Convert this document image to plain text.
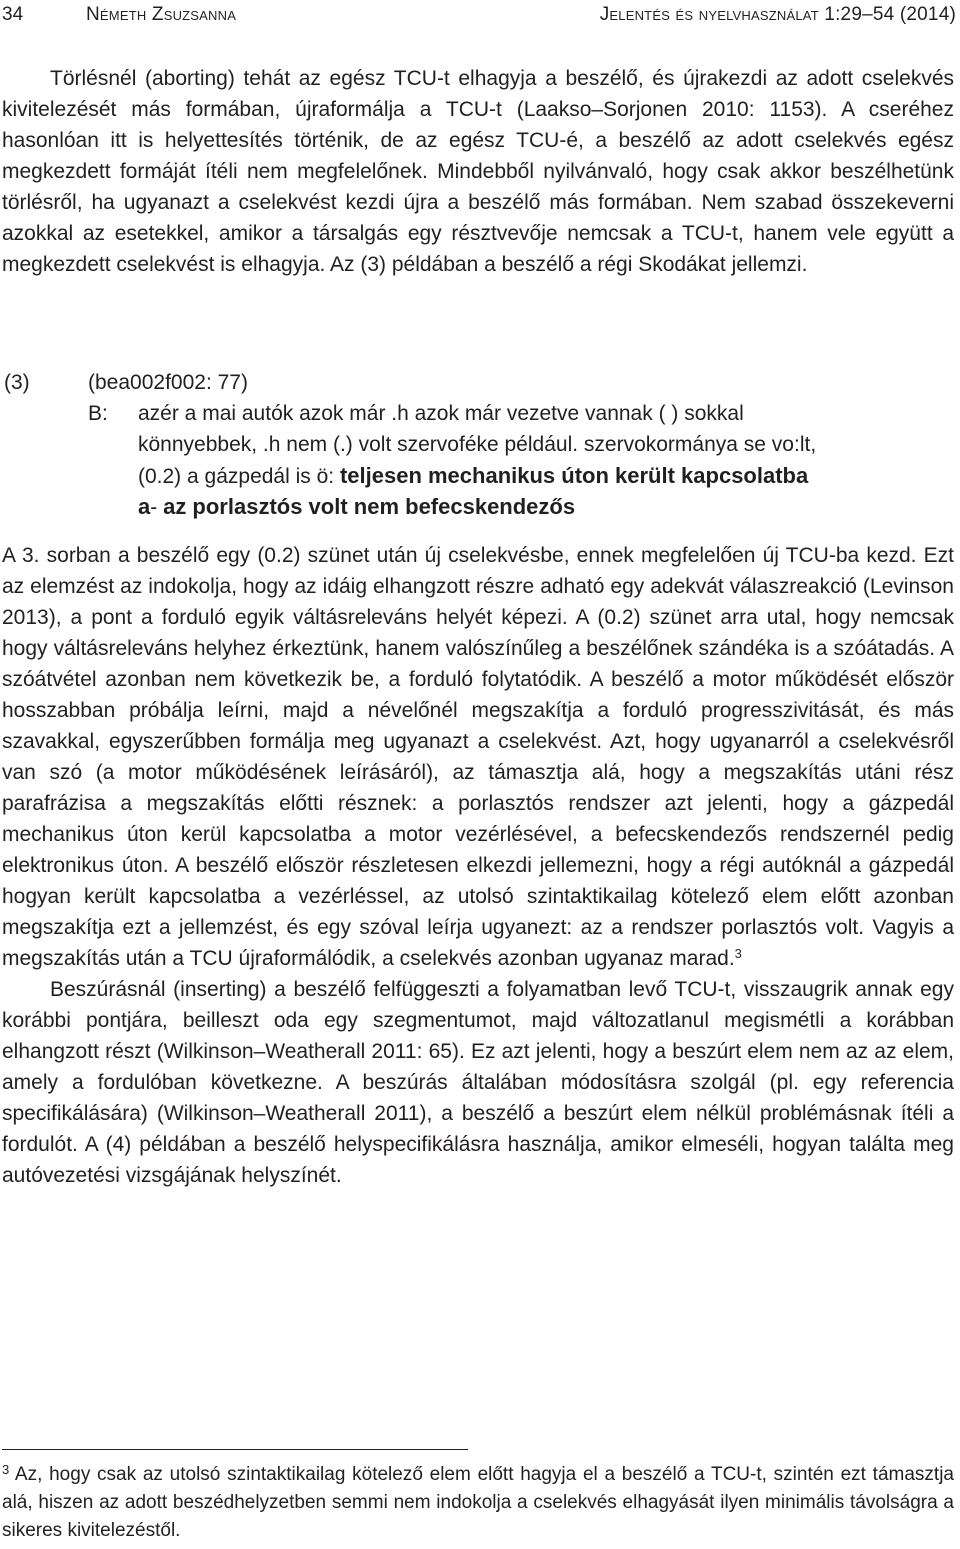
34	Németh Zsuzsanna	Jelentés és nyelvhasználat 1:29–54 (2014)

Törlésnél (aborting) tehát az egész TCU-t elhagyja a beszélő, és újrakezdi az adott cselekvés kivitelezését más formában, újraformálja a TCU-t (Laakso–Sorjonen 2010: 1153). A cseréhez hasonlóan itt is helyettesítés történik, de az egész TCU-é, a beszélő az adott cselekvés egész megkezdett formáját ítéli nem megfelelőnek. Mindebből nyilvánvaló, hogy csak akkor beszélhetünk törlésről, ha ugyanazt a cselekvést kezdi újra a beszélő más formában. Nem szabad összekeverni azokkal az esetekkel, amikor a társalgás egy résztvevője nemcsak a TCU-t, hanem vele együtt a megkezdett cselekvést is elhagyja. Az (3) példában a beszélő a régi Skodákat jellemzi.

(3)	(bea002f002: 77)
B: azér a mai autók azok már .h azok már vezetve vannak ( ) sokkal
könnyebbek, .h nem (.) volt szervoféke például. szervokormánya se vo:lt,
(0.2) a gázpedál is ö: teljesen mechanikus úton került kapcsolatba
a- az porlasztós volt nem befecskendezős

A 3. sorban a beszélő egy (0.2) szünet után új cselekvésbe, ennek megfelelően új TCU-ba kezd. Ezt az elemzést az indokolja, hogy az idáig elhangzott részre adható egy adekvát válaszreakció (Levinson 2013), a pont a forduló egyik váltásreleváns helyét képezi. A (0.2) szünet arra utal, hogy nemcsak hogy váltásreleváns helyhez érkeztünk, hanem valószínűleg a beszélőnek szándéka is a szóátadás. A szóátvétel azonban nem következik be, a forduló folytatódik. A beszélő a motor működését először hosszabban próbálja leírni, majd a névelőnél megszakítja a forduló progresszivitását, és más szavakkal, egyszerűbben formálja meg ugyanazt a cselekvést. Azt, hogy ugyanarról a cselekvésről van szó (a motor működésének leírásáról), az támasztja alá, hogy a megszakítás utáni rész parafrázisa a megszakítás előtti résznek: a porlasztós rendszer azt jelenti, hogy a gázpedál mechanikus úton kerül kapcsolatba a motor vezérlésével, a befecskendezős rendszernél pedig elektronikus úton. A beszélő először részletesen elkezdi jellemezni, hogy a régi autóknál a gázpedál hogyan került kapcsolatba a vezérléssel, az utolsó szintaktikailag kötelező elem előtt azonban megszakítja ezt a jellemzést, és egy szóval leírja ugyanezt: az a rendszer porlasztós volt. Vagyis a megszakítás után a TCU újraformálódik, a cselekvés azonban ugyanaz marad.$^3$

Beszúrásnál (inserting) a beszélő felfüggeszti a folyamatban levő TCU-t, visszaugrik annak egy korábbi pontjára, beilleszt oda egy szegmentumot, majd változatlanul megismétli a korábban elhangzott részt (Wilkinson–Weatherall 2011: 65). Ez azt jelenti, hogy a beszúrt elem nem az az elem, amely a fordulóban következne. A beszúrás általában módosításra szolgál (pl. egy referencia specifikálására) (Wilkinson–Weatherall 2011), a beszélő a beszúrt elem nélkül problémásnak ítéli a fordulót. A (4) példában a beszélő helyspecifikálásra használja, amikor elmeséli, hogyan találta meg autóvezetési vizsgájának helyszínét.

$^3$ Az, hogy csak az utolsó szintaktikailag kötelező elem előtt hagyja el a beszélő a TCU-t, szintén ezt támasztja alá, hiszen az adott beszédhelyzetben semmi nem indokolja a cselekvés elhagyását ilyen minimális távolságra a sikeres kivitelezéstől.
